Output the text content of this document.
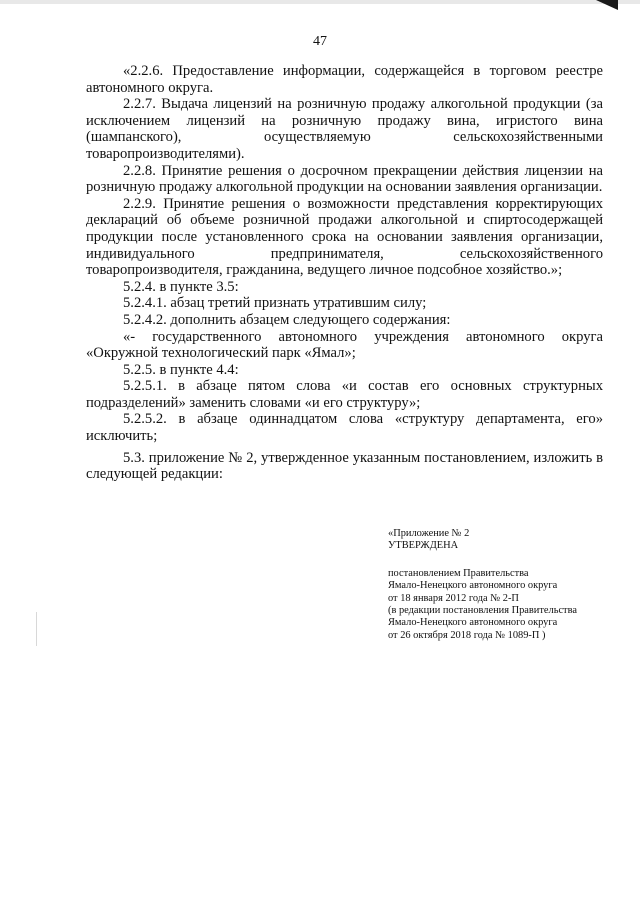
47

«2.2.6. Предоставление информации, содержащейся в торговом реестре автономного округа.

2.2.7. Выдача лицензий на розничную продажу алкогольной продукции (за исключением лицензий на розничную продажу вина, игристого вина (шампанского), осуществляемую сельскохозяйственными

товаропроизводителями).

2.2.8. Принятие решения о досрочном прекращении действия лицензии на розничную продажу алкогольной продукции на основании заявления организации.

2.2.9. Принятие решения о возможности представления корректирующих деклараций об объеме розничной продажи алкогольной и спиртосодержащей продукции после установленного срока на основании заявления организации, индивидуального предпринимателя, сельскохозяйственного

товаропроизводителя, гражданина, ведущего личное подсобное хозяйство.»;

5.2.4. в пункте 3.5:

5.2.4.1. абзац третий признать утратившим силу;

5.2.4.2. дополнить абзацем следующего содержания:

«- государственного автономного учреждения автономного округа «Окружной технологический парк «Ямал»;

5.2.5. в пункте 4.4:

5.2.5.1. в абзаце пятом слова «и состав его основных структурных подразделений» заменить словами «и его структуру»;

5.2.5.2. в абзаце одиннадцатом слова «структуру департамента, его» исключить;

5.3. приложение № 2, утвержденное указанным постановлением, изложить в следующей редакции:

«Приложение № 2
УТВЕРЖДЕНА
постановлением Правительства
Ямало-Ненецкого автономного округа
от 18 января 2012 года № 2-П
(в редакции постановления Правительства
Ямало-Ненецкого автономного округа
от 26 октября 2018 года № 1089-П )
